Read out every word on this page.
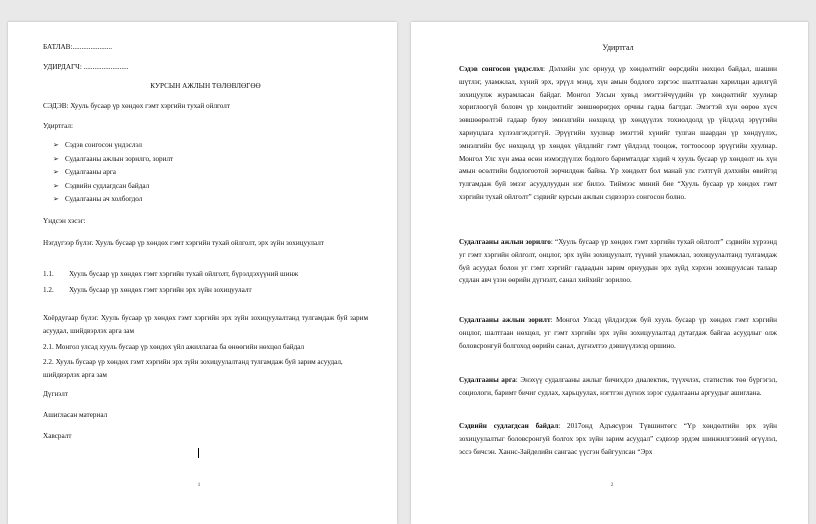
БАТЛАВ:......................
УДИРДАГЧ: .........................
КУРСЫН АЖЛЫН ТӨЛӨВЛӨГӨӨ
СЭДЭВ: Хууль бусаар үр хөндөх гэмт хэргийн тухай ойлголт
Удиртгал:
➢ Сэдэв сонгосон үндэслэл
➢ Судалгааны ажлын зорилго, зорилт
➢ Судалгааны арга
➢ Сэдвийн судлагдсан байдал
➢ Судалгааны ач холбогдол
Үндсэн хэсэг:
Нэгдүгээр бүлэг. Хууль бусаар үр хөндөх гэмт хэргийн тухай ойлголт, эрх зүйн зохицуулалт
1.1.	Хууль бусаар үр хөндөх гэмт хэргийн тухай ойлголт, бүрэлдэхүүний шинж
1.2.	Хууль бусаар үр хөндөх гэмт хэргийн эрх зүйн зохицуулалт
Хоёрдугаар бүлэг. Хууль бусаар үр хөндөх гэмт хэргийн эрх зүйн зохицуулалтанд тулгамдаж буй зарим асуудал, шийдвэрлэх арга зам
2.1. Монгол улсад хууль бусаар үр хөндөх үйл ажиллагаа ба өнөөгийн нөхцөл байдал
2.2. Хууль бусаар үр хөндөх гэмт хэргийн эрх зүйн зохицуулалтанд тулгамдаж буй зарим асуудал, шийдвэрлэх арга зам
Дүгнэлт
Ашигласан материал
Хавсралт
1
Удиртгал
Сэдэв сонгосон үндэслэл: Дэлхийн улс орнууд үр хөндөлтийг өөрсдийн нөхцөл байдал, шашин шүтлэг, уламжлал, хүний эрх, эрүүл мэнд, хүн амын бодлого зэргээс шалтгаалан харилцан адилгүй зохицуулж журамласан байдаг. Монгол Улсын хувьд эмэгтэйчүүдийн үр хөндөлтийг хуулиар хориглоогүй боловч үр хөндөлтийг зөвшөөрөгдөх орчны гадна багтдаг. Эмэгтэй хүн өөрөө хүсч зөвшөөрөлтэй гадаар буюу эмнэлгийн нөхцөлд үр хөндүүлэх тохиолдолд үр үйлдэлд эрүүгийн хариуцлага хүлээлгэхдэггүй. Эрүүгийн хуулиар эмэгтэй хүнийг тулган шаардан үр хөндүүлэх, эмнэлгийн бус нөхцөлд үр хөндөх үйлдлийг гэмт үйлдэлд тооцож, тогтоосоор эрүүгийн хуулиар. Монгол Улс хүн амаа өсөн нэмэгдүүлэх бодлого баримталдаг хэдий ч хууль бусаар үр хөндөлт нь хүн амын өсөлтийн бодлогоотой зөрчилдөж байна. Үр хөндөлт бол манай улс гэлтгүй дэлхийн өвийтэд тулгамдаж буй эмзэг асуудлуудын нэг билээ. Тиймээс миний бие “Хууль бусаар үр хөндөх гэмт хэргийн тухай ойлголт” сэдвийг курсын ажлын сэдвээрээ сонгосон болно.
Судалгааны ажлын зорилго: “Хууль бусаар үр хөндөх гэмт хэргийн тухай ойлголт” сэдвийн хүрээнд уг гэмт хэргийн ойлголт, онцлог, эрх зүйн зохицуулалт, түүний уламжлал, зохицуулалтанд тулгамдаж буй асуудал болон уг гэмт хэргийг гадаадын зарим орнуудын эрх зүйд хэрхэн зохицуулсан талаар судлан авч үзэн өөрийн дүгнэлт, санал хийхийг зорилоо.
Судалгааны ажлын зорилт: Монгол Улсад үйлдэгдэж буй хууль бусаар үр хөндөх гэмт хэргийн онцлог, шалтгаан нөхцөл, уг гэмт хэргийн эрх зүйн зохицуулалтад дутагдаж байгаа асуудлыг олж боловсронгуй болгоход өөрийн санал, дүгнэлтээ дэвшүүлэхэд оршино.
Судалгааны арга: Энэхүү судалгааны ажлыг бичихдээ диалектик, түүхчлэх, статистик төө бүргэгэл, социологи, баримт бичиг судлах, харьцуулах, нэгтгэн дүгнэх зэрэг судалгааны аргуудыг ашиглана.
Сэдвийн судлагдсан байдал: 2017онд Адъясүрэн Түвшинтөгс “Үр хөндөлтийн эрх зүйн зохицуулалтыг боловсронгуй болгох эрх зүйн зарим асуудал” сэдвээр эрдэм шинжилгээний өгүүлэл, эссэ бичсэн. Ханнс-Зайделийн сангаас үүсгэн байгуулсан “Эрх
2
